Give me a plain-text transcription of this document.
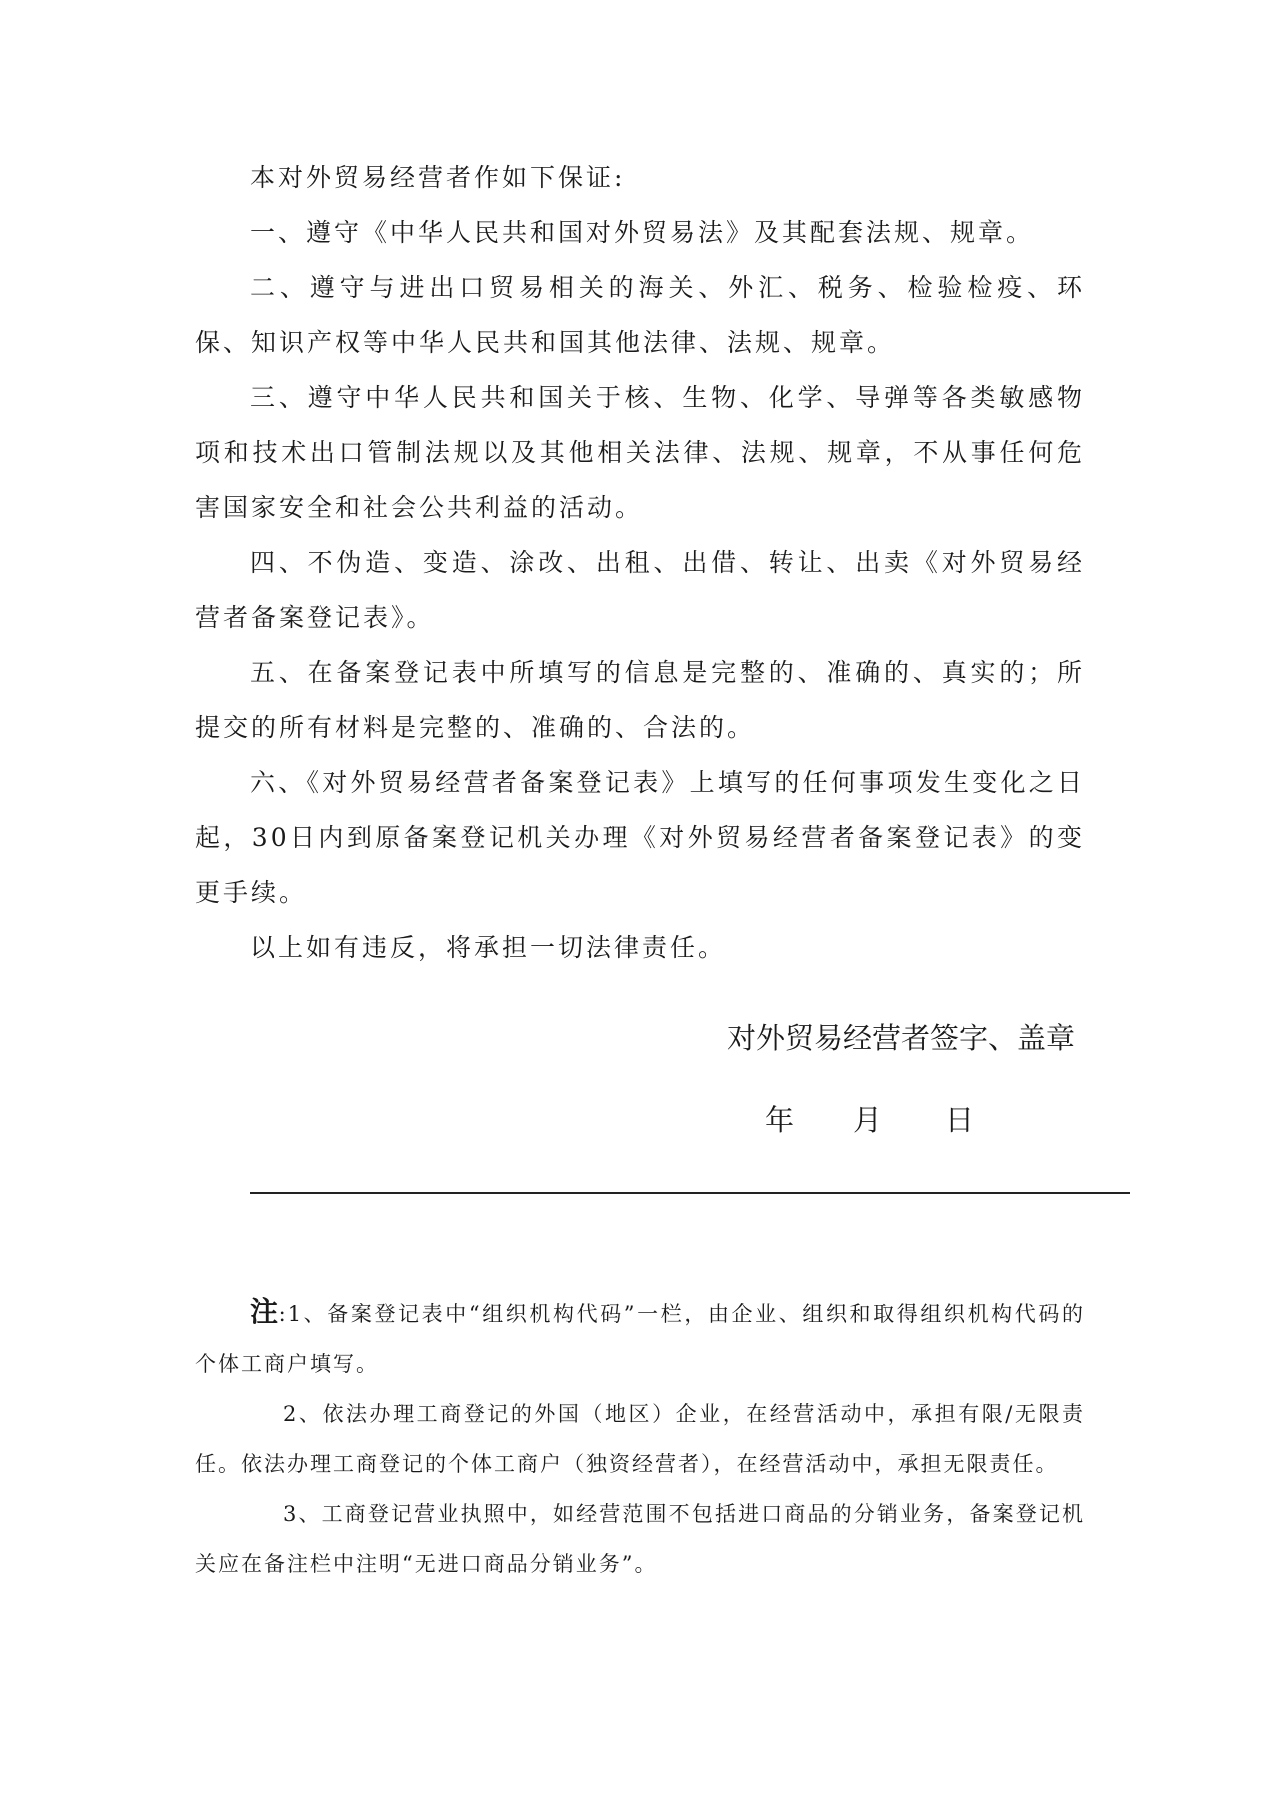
本对外贸易经营者作如下保证:

一、遵守《中华人民共和国对外贸易法》及其配套法规、规章。

二、遵守与进出口贸易相关的海关、外汇、税务、检验检疫、环保、知识产权等中华人民共和国其他法律、法规、规章。

三、遵守中华人民共和国关于核、生物、化学、导弹等各类敏感物项和技术出口管制法规以及其他相关法律、法规、规章，不从事任何危害国家安全和社会公共利益的活动。

四、不伪造、变造、涂改、出租、出借、转让、出卖《对外贸易经营者备案登记表》。

五、在备案登记表中所填写的信息是完整的、准确的、真实的；所提交的所有材料是完整的、准确的、合法的。

六、《对外贸易经营者备案登记表》上填写的任何事项发生变化之日起，30日内到原备案登记机关办理《对外贸易经营者备案登记表》的变更手续。

以上如有违反，将承担一切法律责任。

对外贸易经营者签字、盖章
年 月 日

注:1、备案登记表中“组织机构代码”一栏，由企业、组织和取得组织机构代码的个体工商户填写。

2、依法办理工商登记的外国（地区）企业，在经营活动中，承担有限/无限责任。依法办理工商登记的个体工商户（独资经营者），在经营活动中，承担无限责任。

3、工商登记营业执照中，如经营范围不包括进口商品的分销业务，备案登记机关应在备注栏中注明“无进口商品分销业务”。
